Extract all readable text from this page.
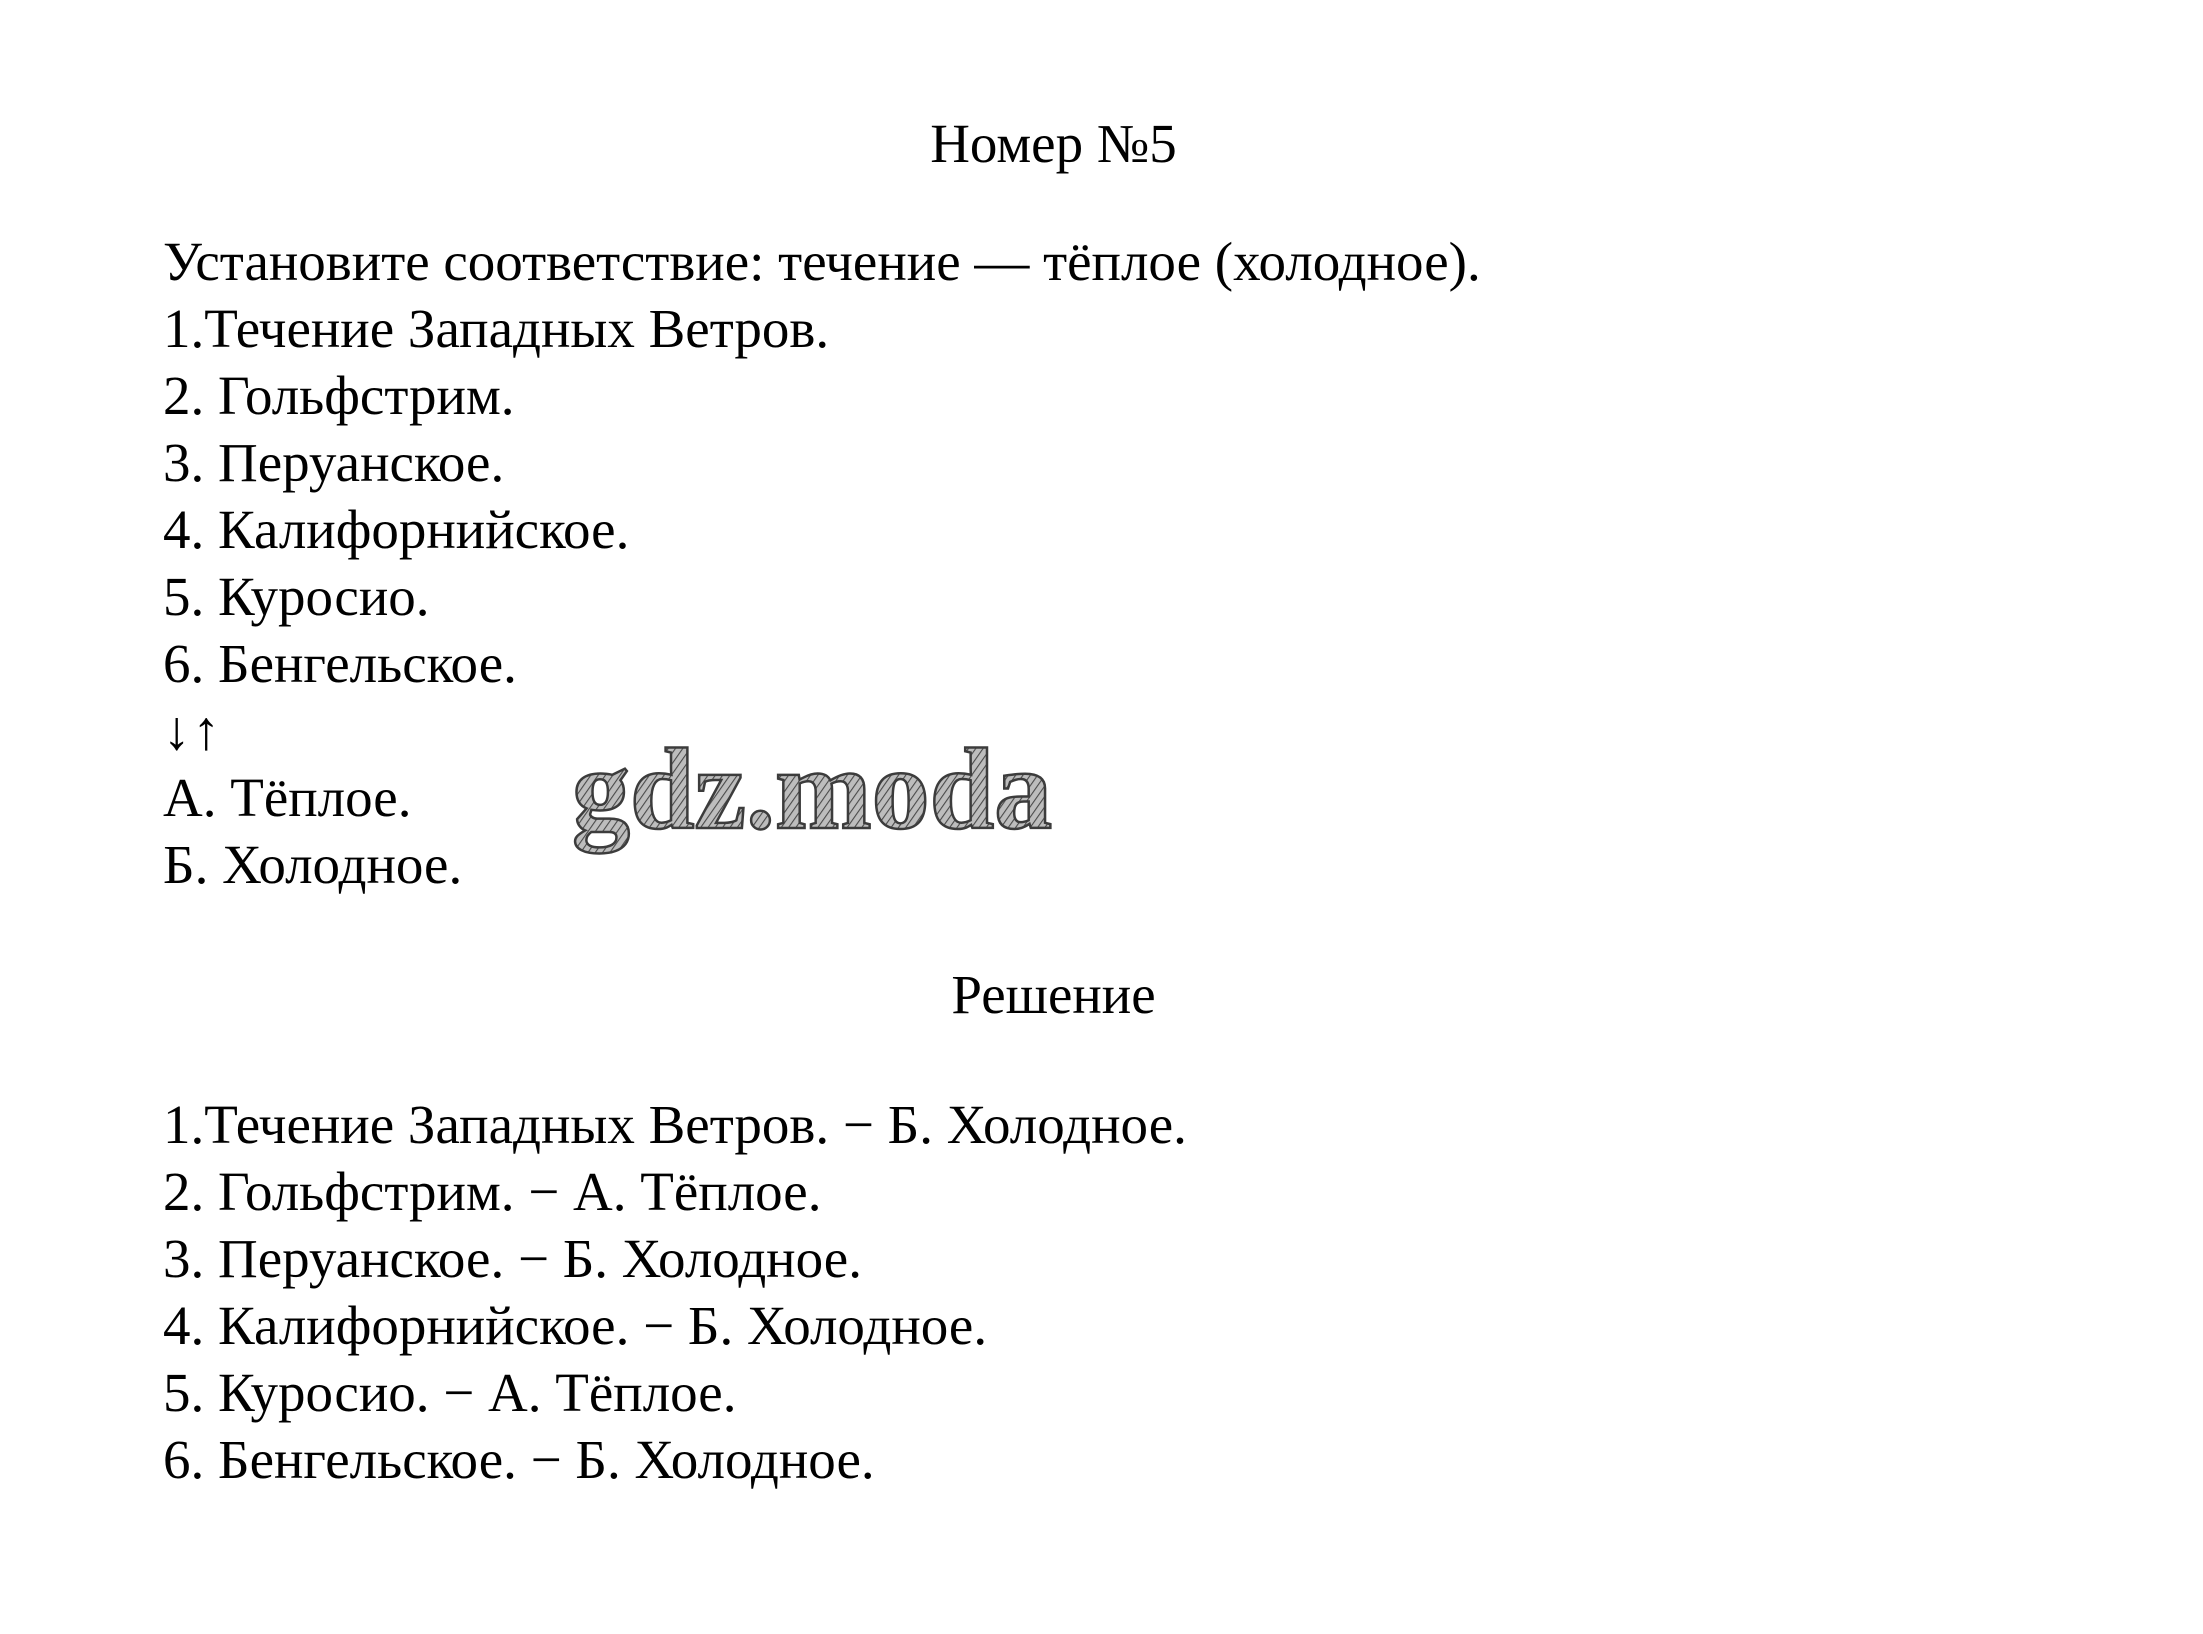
Номер №5
Установите соответствие: течение — тёплое (холодное).
1.Течение Западных Ветров.
2. Гольфстрим.
3. Перуанское.
4. Калифорнийское.
5. Куросио.
6. Бенгельское.
↓↑
А. Тёплое.
Б. Холодное.
Решение
1.Течение Западных Ветров. − Б. Холодное.
2. Гольфстрим. − А. Тёплое.
3. Перуанское. − Б. Холодное.
4. Калифорнийское. − Б. Холодное.
5. Куросио. − А. Тёплое.
6. Бенгельское. − Б. Холодное.
gdz.moda
